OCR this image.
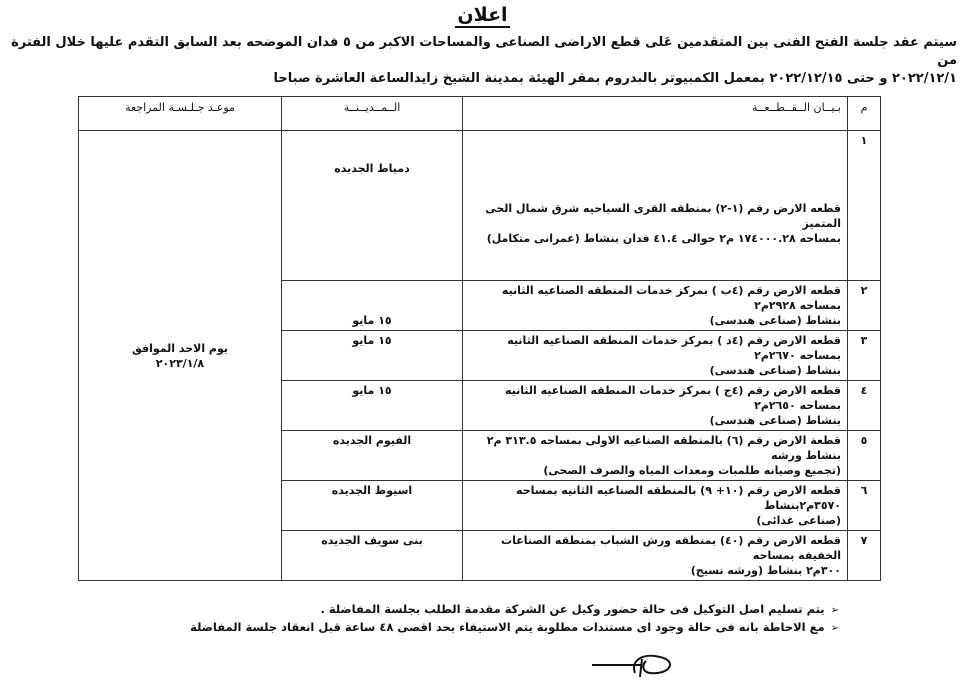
اعلان
سيتم عقد جلسة الفتح الفنى بين المتقدمين عَلى قطع الاراضى الصناعى والمساحات الاكبر من ٥ فدان الموضحه بعد السابق التقدم عليها خلال الفترة من
٢٠٢٢/١٢/١ و حتى ٢٠٢٢/١٢/١٥ بمعمل الكمبيوتر بالبدروم بمقر الهيئة بمدينة الشيخ زايدالساعة العاشرة صباحا
م	بـيــان الــقــطــعــة	الــمــديــنــة	موعـد جـلـسـة المراجعة
١	قطعه الارض رقم (١-٢) بمنطقه القرى السياحيه شرق شمال الحى المتميز
بمساحه ١٧٤٠٠٠.٢٨ م٢ حوالى ٤١.٤ فدان بنشاط (عمرانى متكامل)	دمياط الجديده	يوم الاحد الموافق
٢٠٢٣/١/٨

٢	قطعه الارض رقم (٤ب ) بمركز خدمات المنطقه الصناعيه الثانيه بمساحه ٢٩٢٨م٢
بنشاط (صناعى هندسى)	١٥ مايو	
٣	قطعه الارض رقم (٤د ) بمركز خدمات المنطقه الصناعيه الثانيه بمساحه ٢٦٧٠م٢
بنشاط (صناعى هندسى)	١٥ مايو	
٤	قطعه الارض رقم (٤ج ) بمركز خدمات المنطقه الصناعيه الثانيه بمساحه ٢٦٥٠م٢
بنشاط (صناعى هندسى)	١٥ مايو	
٥	قطعة الارض رقم (٦) بالمنطقه الصناعيه الاولى بمساحه ٣١٣.٥ م٢ بنشاط ورشه
(تجميع وصيانه طلمبات ومعدات المياه والصرف الصحى)	الفيوم الجديده	
٦	قطعه الارض رقم (١٠+ ٩) بالمنطقه الصناعيه الثانيه بمساحه ٣٥٧٠م٢بنشاط
(صناعى غذائى)	اسيوط الجديده	
٧	قطعه الارض رقم (٤٠) بمنطقه ورش الشباب بمنطقه الصناعات الخفيفه بمساحه
٣٠٠م٢ بنشاط (ورشه نسيج)	بنى سويف الجديده	
➢يتم تسليم اصل التوكيل فى حالة حضور وكيل عن الشركة مقدمة الطلب بجلسة المفاضلة .
➢مع الاحاطة بانه فى حالة وجود اى مستندات مطلوبة يتم الاستيفاء بحد اقصى ٤٨ ساعة قبل انعقاد جلسة المفاضلة
